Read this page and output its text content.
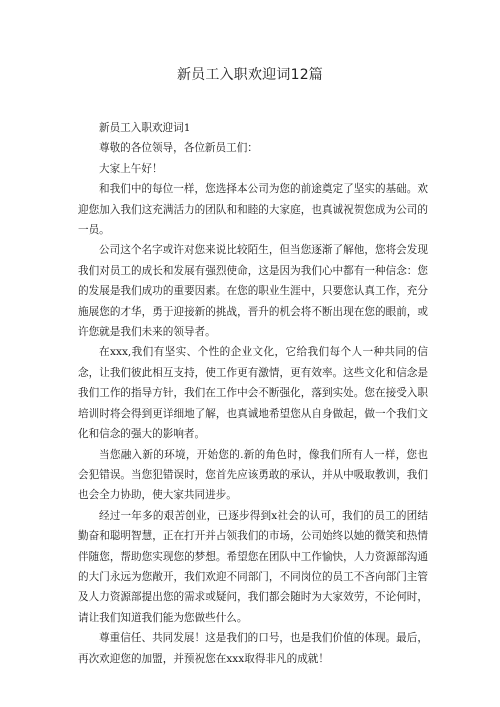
新员工入职欢迎词12篇

新员工入职欢迎词1

尊敬的各位领导，各位新员工们：

大家上午好！

和我们中的每位一样，您选择本公司为您的前途奠定了坚实的基础。欢迎您加入我们这充满活力的团队和和睦的大家庭，也真诚祝贺您成为公司的一员。

公司这个名字或许对您来说比较陌生，但当您逐渐了解他，您将会发现我们对员工的成长和发展有强烈使命，这是因为我们心中都有一种信念：您的发展是我们成功的重要因素。在您的职业生涯中，只要您认真工作，充分施展您的才华，勇于迎接新的挑战，晋升的机会将不断出现在您的眼前，或许您就是我们未来的领导者。

在xxx,我们有坚实、个性的企业文化，它给我们每个人一种共同的信念，让我们彼此相互支持，使工作更有激情，更有效率。这些文化和信念是我们工作的指导方针，我们在工作中会不断强化，落到实处。您在接受入职培训时将会得到更详细地了解，也真诚地希望您从自身做起，做一个我们文化和信念的强大的影响者。

当您融入新的环境，开始您的.新的角色时，像我们所有人一样，您也会犯错误。当您犯错误时，您首先应该勇敢的承认，并从中吸取教训，我们也会全力协助，使大家共同进步。

经过一年多的艰苦创业，已逐步得到x社会的认可，我们的员工的团结勤奋和聪明智慧，正在打开并占领我们的市场，公司始终以她的微笑和热情伴随您，帮助您实现您的梦想。希望您在团队中工作愉快，人力资源部沟通的大门永远为您敞开，我们欢迎不同部门，不同岗位的员工不吝向部门主管及人力资源部提出您的需求或疑问，我们都会随时为大家效劳，不论何时，请让我们知道我们能为您做些什么。

尊重信任、共同发展！这是我们的口号，也是我们价值的体现。最后，再次欢迎您的加盟，并预祝您在xxx取得非凡的成就！
